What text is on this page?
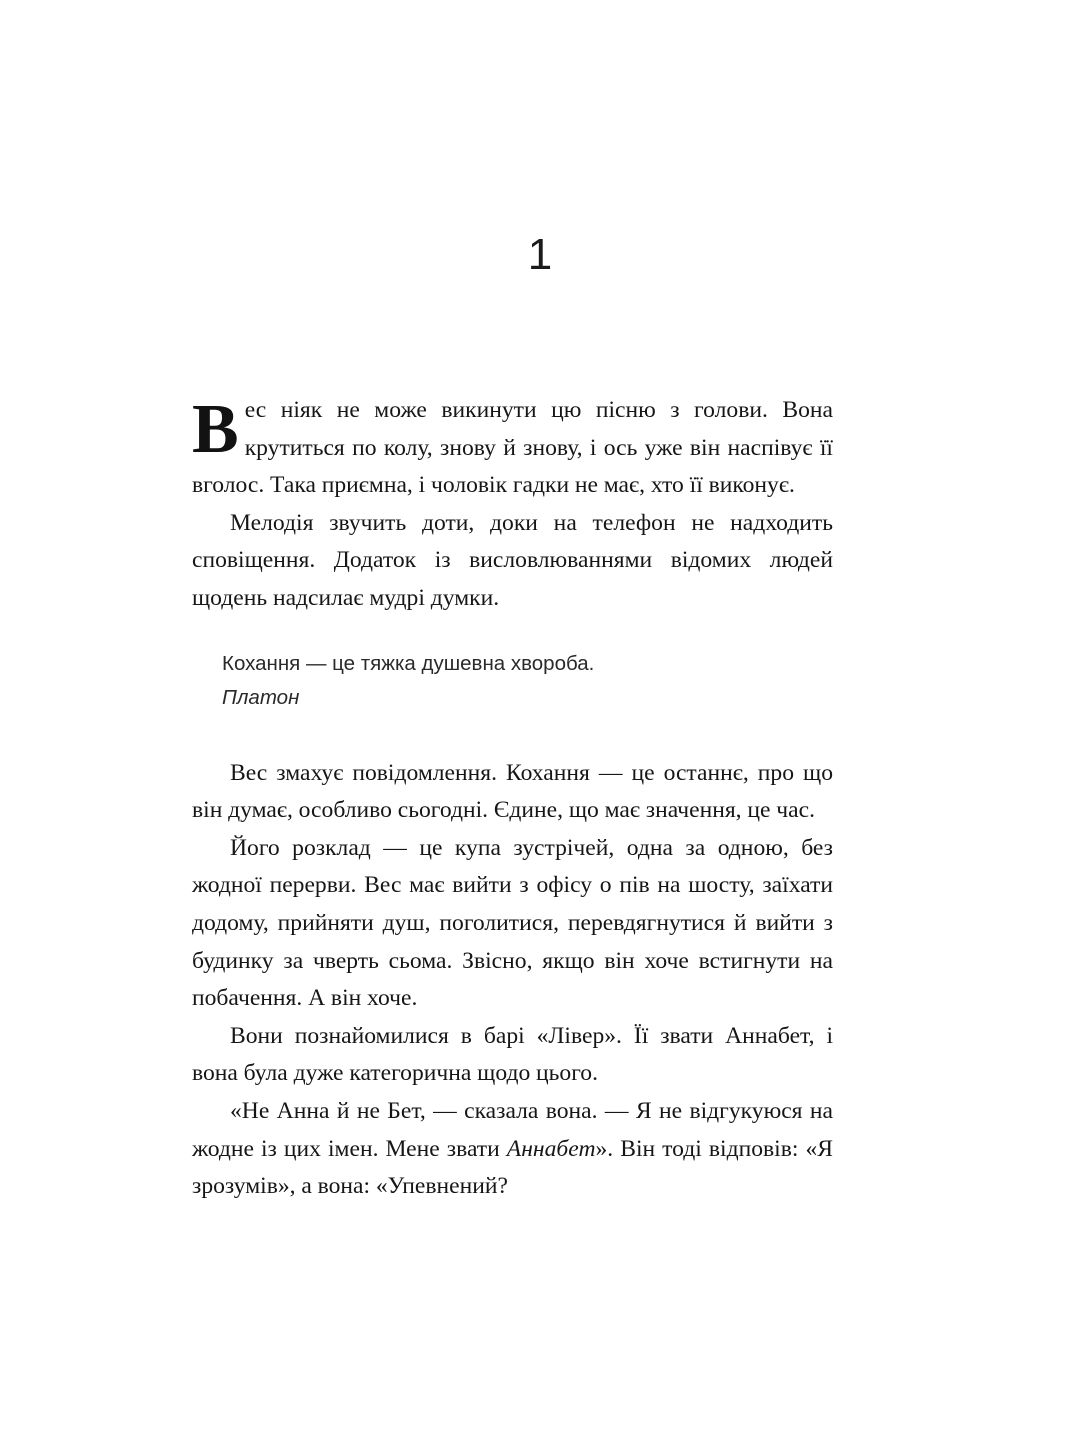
1

Вес ніяк не може викинути цю пісню з голови. Вона крутиться по колу, знову й знову, і ось уже він наспівує її вголос. Така приємна, і чоловік гадки не має, хто її виконує.

Мелодія звучить доти, доки на телефон не надходить сповіщення. Додаток із висловлюваннями відомих людей щодень надсилає мудрі думки.

Кохання — це тяжка душевна хвороба.
Платон

Вес змахує повідомлення. Кохання — це останнє, про що він думає, особливо сьогодні. Єдине, що має значення, це час.

Його розклад — це купа зустрічей, одна за одною, без жодної перерви. Вес має вийти з офісу о пів на шосту, заїхати додому, прийняти душ, поголитися, перевдягнутися й вийти з будинку за чверть сьома. Звісно, якщо він хоче встигнути на побачення. А він хоче.

Вони познайомилися в барі «Лівер». Її звати Аннабет, і вона була дуже категорична щодо цього.

«Не Анна й не Бет, — сказала вона. — Я не відгукуюся на жодне із цих імен. Мене звати Аннабет». Він тоді відповів: «Я зрозумів», а вона: «Упевнений?
